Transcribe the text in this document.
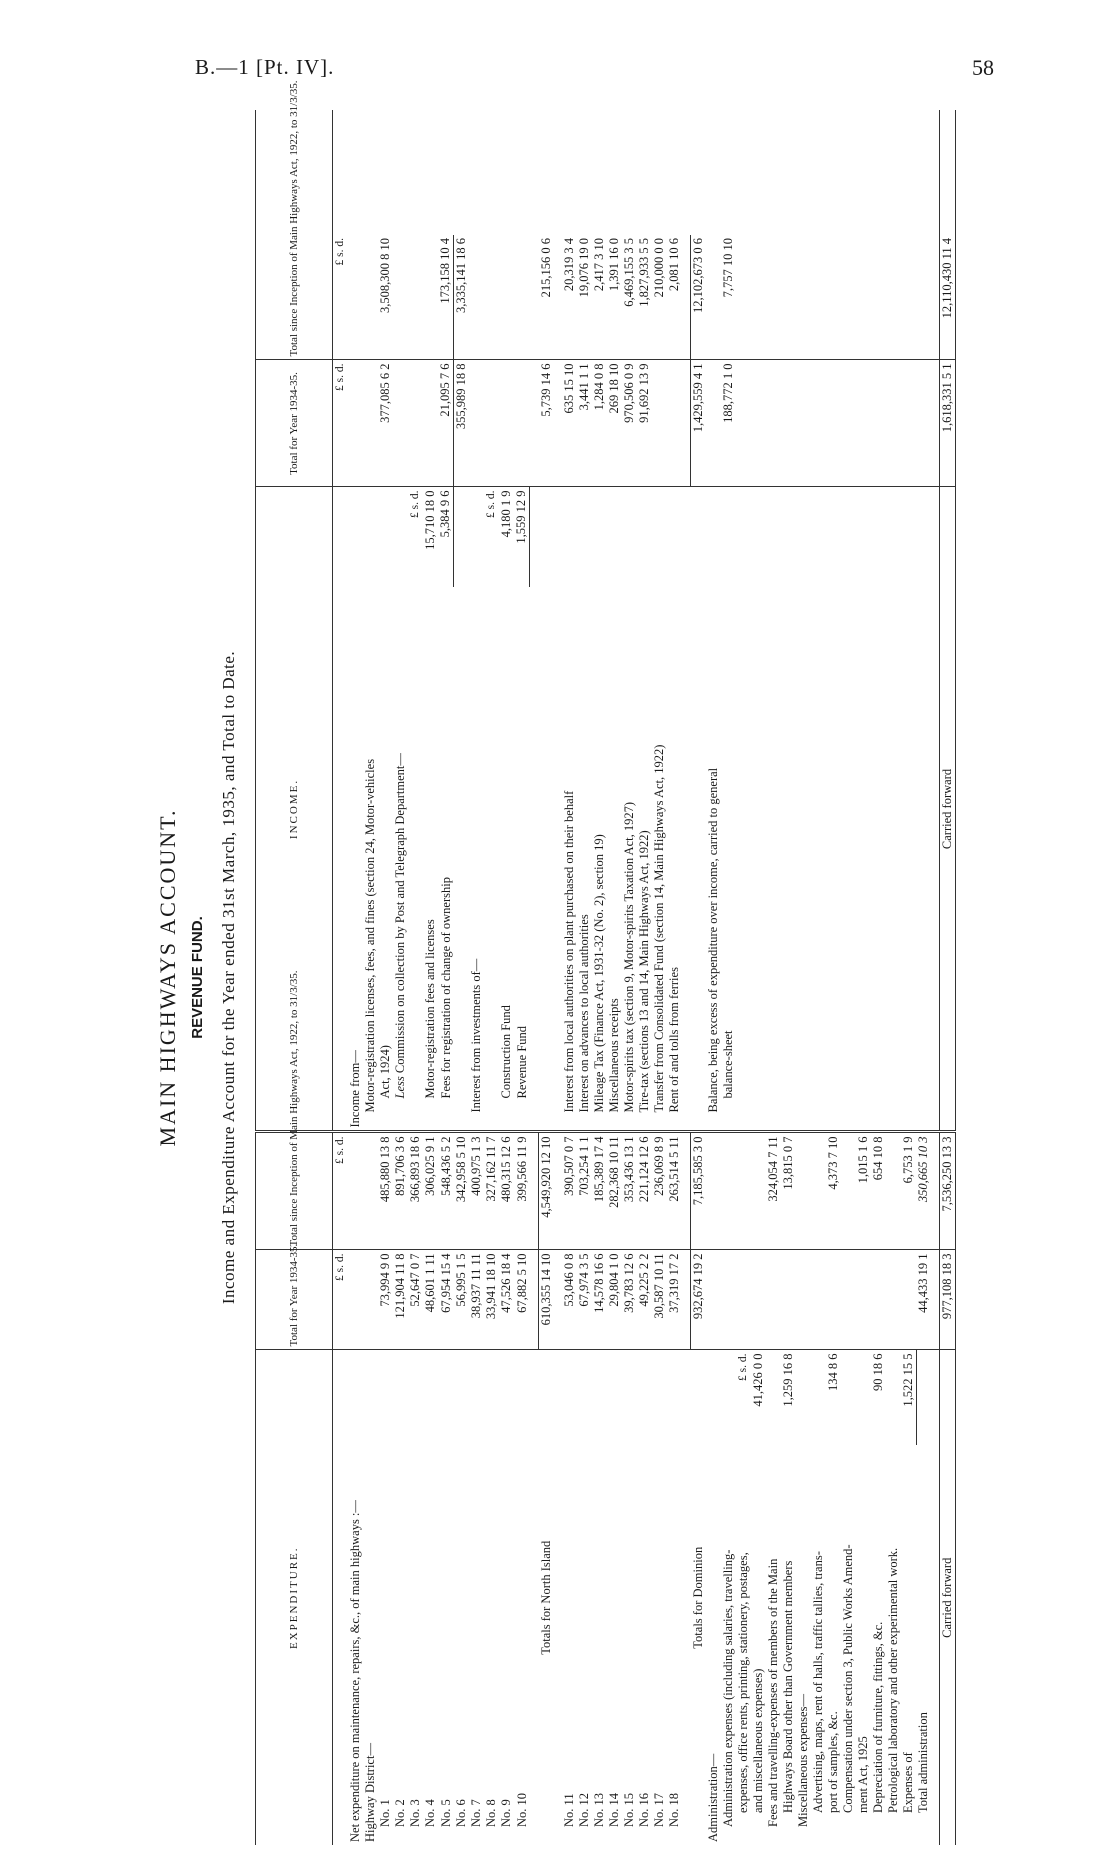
B.—1 [Pt. IV].	58
MAIN HIGHWAYS ACCOUNT. REVENUE FUND. Income and Expenditure Account for the Year ended 31st March, 1935, and Total to Date.
EXPENDITURE.		Total for Year 1934-35.	Total since Inception of Main Highways Act, 1922, to 31/3/35.	INCOME.		Total for Year 1934-35.	Total since Inception of Main Highways Act, 1922, to 31/3/35.	
		£ s. d.	£ s. d.			£ s. d.	£ s. d.	
Net expenditure on maintenance, repairs, &c., of main highways :—				Income from—				
Highway District—				Motor-registration licenses, fees, and fines (section 24, Motor-vehicles				
No. 1		73,994 9 0	485,880 13 8	Act, 1924)		377,085 6 2	3,508,300 8 10	
No. 2		121,904 11 8	891,706 3 6	Less Commission on collection by Post and Telegraph Department—				
No. 3		52,647 0 7	366,893 18 6		£ s. d.			
No. 4		48,601 1 11	306,025 9 1	Motor-registration fees and licenses	15,710 18 0			
No. 5		67,954 15 4	548,436 5 2	Fees for registration of change of ownership	5,384 9 6	21,095 7 6	173,158 10 4	
No. 6		56,995 1 5	342,958 5 10			355,989 18 8	3,335,141 18 6	
No. 7		38,937 11 11	400,975 1 3	Interest from investments of—				
No. 8		33,941 18 10	327,162 11 7		£ s. d.			
No. 9		47,526 18 4	480,315 12 6	Construction Fund	4,180 1 9			
No. 10		67,882 5 10	399,566 11 9	Revenue Fund	1,559 12 9			

Totals for North Island		610,355 14 10	4,549,920 12 10			5,739 14 6	215,156 0 6	

No. 11		53,046 0 8	390,507 0 7	Interest from local authorities on plant purchased on their behalf		635 15 10	20,319 3 4	
No. 12		67,974 3 5	703,254 1 1	Interest on advances to local authorities		3,441 1 1	19,076 19 0	
No. 13		14,578 16 6	185,389 17 4	Mileage Tax (Finance Act, 1931-32 (No. 2), section 19)		1,284 0 8	2,417 3 10	
No. 14		29,804 1 0	282,368 10 11	Miscellaneous receipts		269 18 10	1,391 16 0	
No. 15		39,783 12 6	353,436 13 1	Motor-spirits tax (section 9, Motor-spirits Taxation Act, 1927)		970,506 0 9	6,469,155 3 5	
No. 16		49,225 2 2	221,124 12 6	Tire-tax (sections 13 and 14, Main Highways Act, 1922)		91,692 13 9	1,827,933 5 5	
No. 17		30,587 10 11	236,069 8 9	Transfer from Consolidated Fund (section 14, Main Highways Act, 1922)			210,000 0 0	
No. 18		37,319 17 2	263,514 5 11	Rent of and tolls from ferries			2,081 10 6	

Totals for Dominion		932,674 19 2	7,185,585 3 0			1,429,559 4 1	12,102,673 0 6	
Administration—				Balance, being excess of expenditure over income, carried to general				
Administration expenses (including salaries, travelling-				balance-sheet		188,772 1 0	7,757 10 10	
expenses, office rents, printing, stationery, postages,	£ s. d.							
and miscellaneous expenses)	41,426 0 0							
Fees and travelling-expenses of members of the Main			324,054 7 11					
Highways Board other than Government members	1,259 16 8		13,815 0 7					
Miscellaneous expenses—								
Advertising, maps, rent of halls, traffic tallies, trans-								
port of samples, &c.	134 8 6		4,373 7 10					
Compensation under section 3, Public Works Amend-								
ment Act, 1925			1,015 1 6					
Depreciation of furniture, fittings, &c.	90 18 6		654 10 8					
Petrological laboratory and other experimental work.								
Expenses of	1,522 15 5		6,753 1 9					
Total administration		44,433 19 1	350,665 10 3					

Carried forward		977,108 18 3	7,536,250 13 3	Carried forward		1,618,331 5 1	12,110,430 11 4	
